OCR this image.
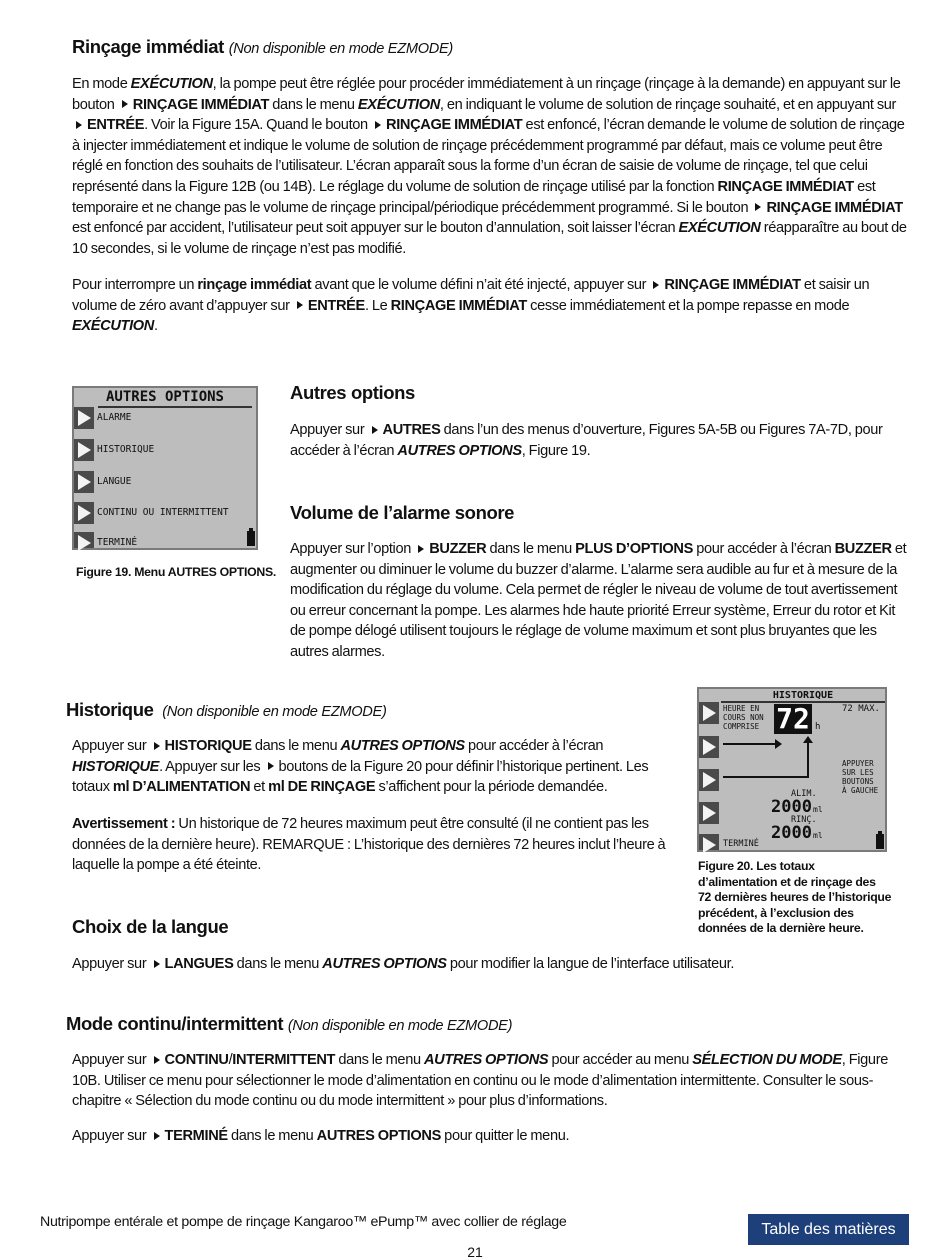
Rinçage immédiat (Non disponible en mode EZMODE)

En mode EXÉCUTION, la pompe peut être réglée pour procéder immédiatement à un rinçage (rinçage à la demande) en appuyant sur le bouton RINÇAGE IMMÉDIAT dans le menu EXÉCUTION, en indiquant le volume de solution de rinçage souhaité, et en appuyant sur ENTRÉE. Voir la Figure 15A. Quand le bouton RINÇAGE IMMÉDIAT est enfoncé, l’écran demande le volume de solution de rinçage à injecter immédiatement et indique le volume de solution de rinçage précédemment programmé par défaut, mais ce volume peut être réglé en fonction des souhaits de l’utilisateur. L’écran apparaît sous la forme d’un écran de saisie de volume de rinçage, tel que celui représenté dans la Figure 12B (ou 14B). Le réglage du volume de solution de rinçage utilisé par la fonction RINÇAGE IMMÉDIAT est temporaire et ne change pas le volume de rinçage principal/périodique précédemment programmé. Si le bouton RINÇAGE IMMÉDIAT est enfoncé par accident, l’utilisateur peut soit appuyer sur le bouton d’annulation, soit laisser l’écran EXÉCUTION réapparaître au bout de 10 secondes, si le volume de rinçage n’est pas modifié.

Pour interrompre un rinçage immédiat avant que le volume défini n’ait été injecté, appuyer sur RINÇAGE IMMÉDIAT et saisir un volume de zéro avant d’appuyer sur ENTRÉE. Le RINÇAGE IMMÉDIAT cesse immédiatement et la pompe repasse en mode EXÉCUTION.

AUTRES OPTIONS
ALARME
HISTORIQUE
LANGUE
CONTINU OU INTERMITTENT
TERMINÉ

Figure 19. Menu AUTRES OPTIONS.

Autres options

Appuyer sur AUTRES dans l’un des menus d’ouverture, Figures 5A-5B ou Figures 7A-7D, pour accéder à l’écran AUTRES OPTIONS, Figure 19.

Volume de l’alarme sonore

Appuyer sur l’option BUZZER dans le menu PLUS D’OPTIONS pour accéder à l’écran BUZZER et augmenter ou diminuer le volume du buzzer d’alarme. L’alarme sera audible au fur et à mesure de la modification du réglage du volume. Cela permet de régler le niveau de volume de tout avertissement ou erreur concernant la pompe. Les alarmes hde haute priorité Erreur système, Erreur du rotor et Kit de pompe délogé utilisent toujours le réglage de volume maximum et sont plus bruyantes que les autres alarmes.

Historique (Non disponible en mode EZMODE)

Appuyer sur HISTORIQUE dans le menu AUTRES OPTIONS pour accéder à l’écran HISTORIQUE. Appuyer sur les boutons de la Figure 20 pour définir l’historique pertinent. Les totaux ml D’ALIMENTATION et ml DE RINÇAGE s’affichent pour la période demandée.

Avertissement : Un historique de 72 heures maximum peut être consulté (il ne contient pas les données de la dernière heure). REMARQUE : L’historique des dernières 72 heures inclut l’heure à laquelle la pompe a été éteinte.

HISTORIQUE
HEURE EN
COURS NON
COMPRISE 72 h
72 MAX.
APPUYER
SUR LES
BOUTONS
À GAUCHE
ALIM.
2000 ml
RINÇ.
2000 ml
TERMINÉ

Figure 20. Les totaux

d’alimentation et de rinçage des

72 dernières heures de l’historique

précédent, à l’exclusion des

données de la dernière heure.

Choix de la langue

Appuyer sur LANGUES dans le menu AUTRES OPTIONS pour modifier la langue de l’interface utilisateur.

Mode continu/intermittent (Non disponible en mode EZMODE)

Appuyer sur CONTINU/INTERMITTENT dans le menu AUTRES OPTIONS pour accéder au menu SÉLECTION DU MODE, Figure 10B. Utiliser ce menu pour sélectionner le mode d’alimentation en continu ou le mode d’alimentation intermittente. Consulter le sous-chapitre « Sélection du mode continu ou du mode intermittent » pour plus d’informations.

Appuyer sur TERMINÉ dans le menu AUTRES OPTIONS pour quitter le menu.

Nutripompe entérale et pompe de rinçage Kangaroo™ ePump™ avec collier de réglage	Table des matières
21
